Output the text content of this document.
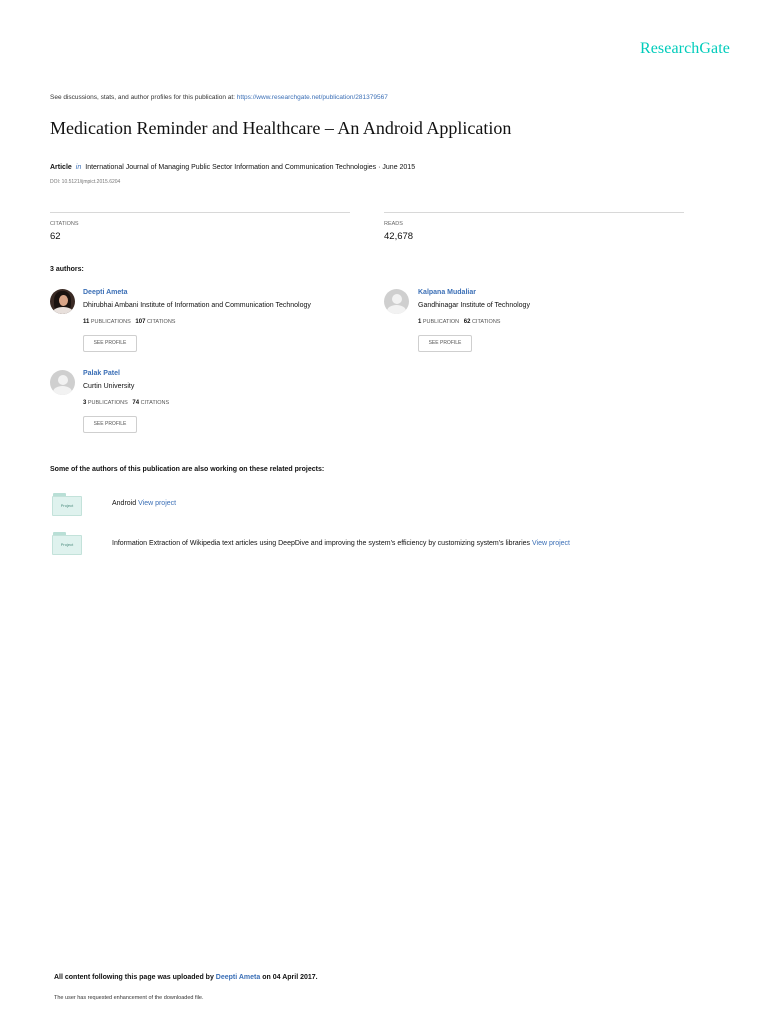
ResearchGate
See discussions, stats, and author profiles for this publication at: https://www.researchgate.net/publication/281379567
Medication Reminder and Healthcare – An Android Application
Article in International Journal of Managing Public Sector Information and Communication Technologies · June 2015
DOI: 10.5121/ijmpict.2015.6204
CITATIONS
62
READS
42,678
3 authors:
Deepti Ameta
Dhirubhai Ambani Institute of Information and Communication Technology
11 PUBLICATIONS 107 CITATIONS
SEE PROFILE
Kalpana Mudaliar
Gandhinagar Institute of Technology
1 PUBLICATION 62 CITATIONS
SEE PROFILE
Palak Patel
Curtin University
3 PUBLICATIONS 74 CITATIONS
SEE PROFILE
Some of the authors of this publication are also working on these related projects:
Project	Android View project
Project	Information Extraction of Wikipedia text articles using DeepDive and improving the system's efficiency by customizing system's libraries View project
All content following this page was uploaded by Deepti Ameta on 04 April 2017.
The user has requested enhancement of the downloaded file.
